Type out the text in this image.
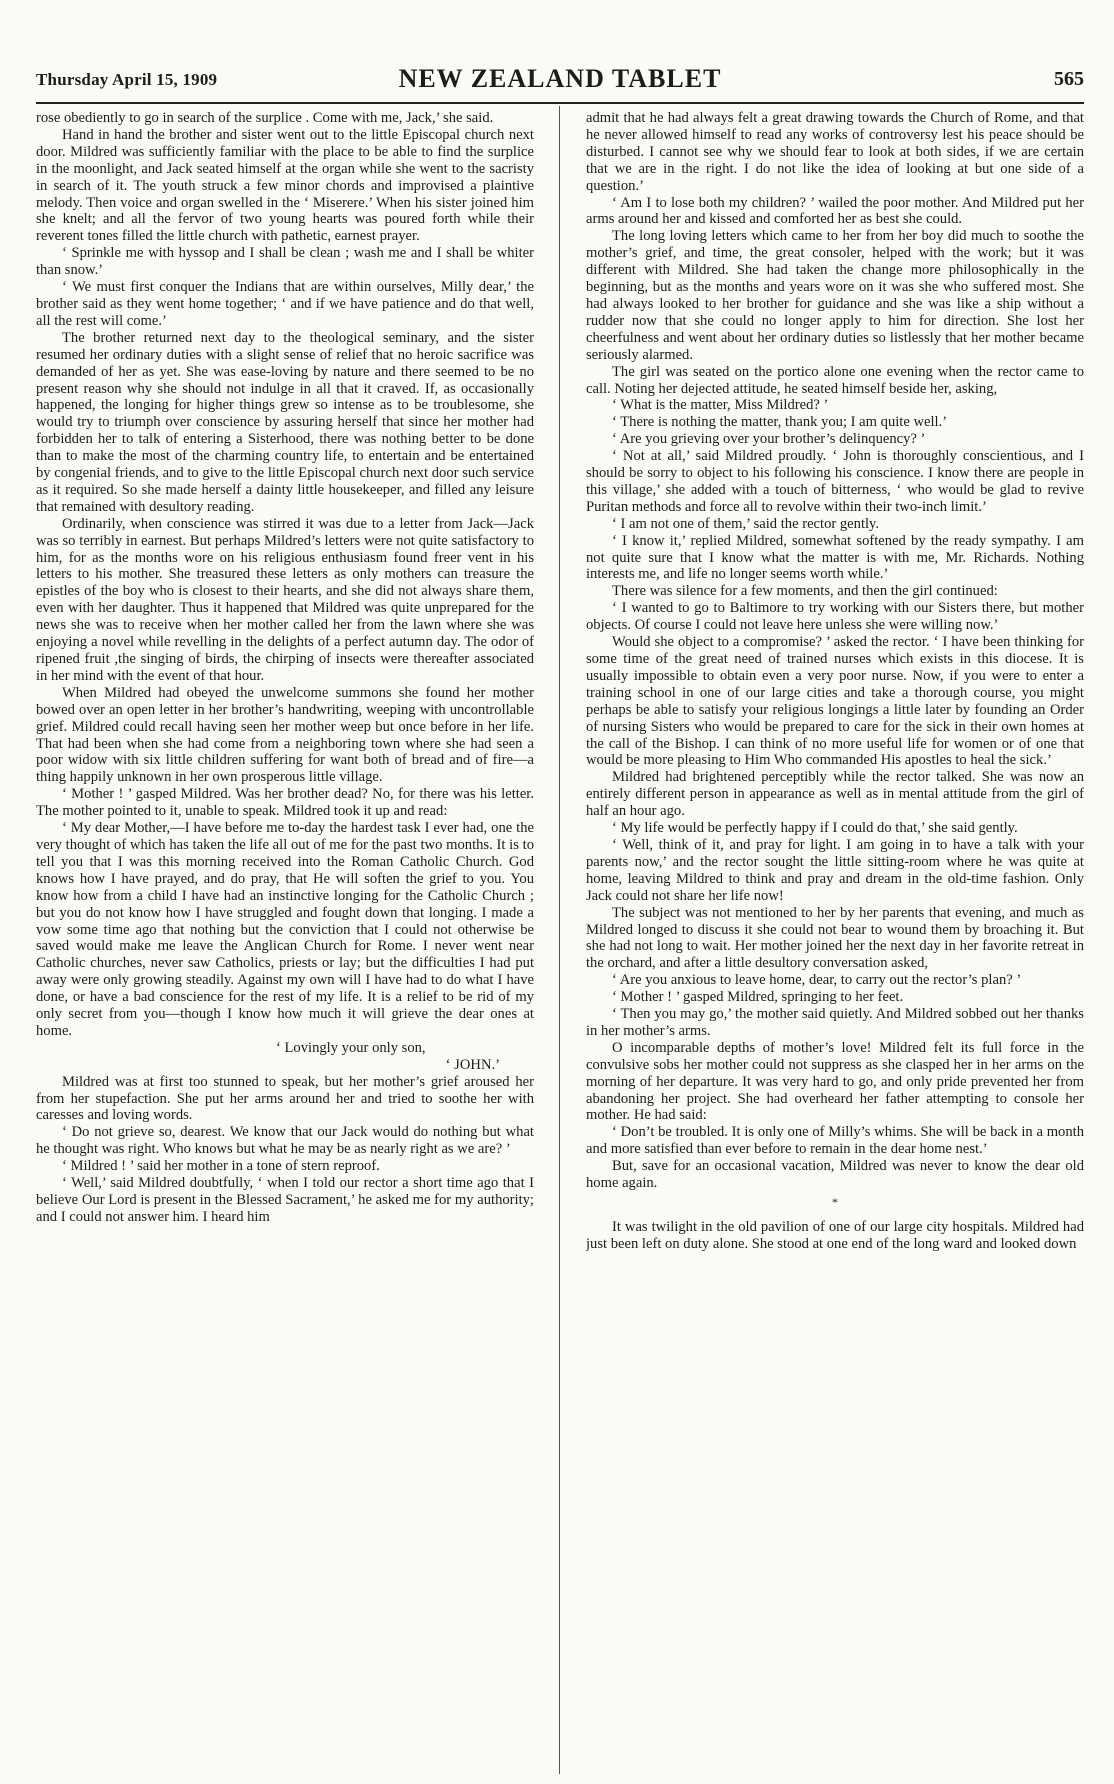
Thursday April 15, 1909	NEW ZEALAND TABLET	565

rose obediently to go in search of the surplice . Come with me, Jack,’ she said.

Hand in hand the brother and sister went out to the little Episcopal church next door. Mildred was sufficiently familiar with the place to be able to find the surplice in the moonlight, and Jack seated himself at the organ while she went to the sacristy in search of it. The youth struck a few minor chords and improvised a plaintive melody. Then voice and organ swelled in the ‘ Miserere.’ When his sister joined him she knelt; and all the fervor of two young hearts was poured forth while their reverent tones filled the little church with pathetic, earnest prayer.

‘ Sprinkle me with hyssop and I shall be clean ; wash me and I shall be whiter than snow.’

‘ We must first conquer the Indians that are within ourselves, Milly dear,’ the brother said as they went home together; ‘ and if we have patience and do that well, all the rest will come.’

The brother returned next day to the theological seminary, and the sister resumed her ordinary duties with a slight sense of relief that no heroic sacrifice was demanded of her as yet. She was ease-loving by nature and there seemed to be no present reason why she should not indulge in all that it craved. If, as occasionally happened, the longing for higher things grew so intense as to be troublesome, she would try to triumph over conscience by assuring herself that since her mother had forbidden her to talk of entering a Sisterhood, there was nothing better to be done than to make the most of the charming country life, to entertain and be entertained by congenial friends, and to give to the little Episcopal church next door such service as it required. So she made herself a dainty little housekeeper, and filled any leisure that remained with desultory reading.

Ordinarily, when conscience was stirred it was due to a letter from Jack—Jack was so terribly in earnest. But perhaps Mildred’s letters were not quite satisfactory to him, for as the months wore on his religious enthusiasm found freer vent in his letters to his mother. She treasured these letters as only mothers can treasure the epistles of the boy who is closest to their hearts, and she did not always share them, even with her daughter. Thus it happened that Mildred was quite unprepared for the news she was to receive when her mother called her from the lawn where she was enjoying a novel while revelling in the delights of a perfect autumn day. The odor of ripened fruit ,the singing of birds, the chirping of insects were thereafter associated in her mind with the event of that hour.

When Mildred had obeyed the unwelcome summons she found her mother bowed over an open letter in her brother’s handwriting, weeping with uncontrollable grief. Mildred could recall having seen her mother weep but once before in her life. That had been when she had come from a neighboring town where she had seen a poor widow with six little children suffering for want both of bread and of fire—a thing happily unknown in her own prosperous little village.

‘ Mother ! ’ gasped Mildred. Was her brother dead? No, for there was his letter. The mother pointed to it, unable to speak. Mildred took it up and read:

‘ My dear Mother,—I have before me to-day the hardest task I ever had, one the very thought of which has taken the life all out of me for the past two months. It is to tell you that I was this morning received into the Roman Catholic Church. God knows how I have prayed, and do pray, that He will soften the grief to you. You know how from a child I have had an instinctive longing for the Catholic Church ; but you do not know how I have struggled and fought down that longing. I made a vow some time ago that nothing but the conviction that I could not otherwise be saved would make me leave the Anglican Church for Rome. I never went near Catholic churches, never saw Catholics, priests or lay; but the difficulties I had put away were only growing steadily. Against my own will I have had to do what I have done, or have a bad conscience for the rest of my life. It is a relief to be rid of my only secret from you—though I know how much it will grieve the dear ones at home.

‘ Lovingly your only son,

‘ JOHN.’

Mildred was at first too stunned to speak, but her mother’s grief aroused her from her stupefaction. She put her arms around her and tried to soothe her with caresses and loving words.

‘ Do not grieve so, dearest. We know that our Jack would do nothing but what he thought was right. Who knows but what he may be as nearly right as we are? ’

‘ Mildred ! ’ said her mother in a tone of stern reproof.

‘ Well,’ said Mildred doubtfully, ‘ when I told our rector a short time ago that I believe Our Lord is present in the Blessed Sacrament,’ he asked me for my authority; and I could not answer him. I heard him

admit that he had always felt a great drawing towards the Church of Rome, and that he never allowed himself to read any works of controversy lest his peace should be disturbed. I cannot see why we should fear to look at both sides, if we are certain that we are in the right. I do not like the idea of looking at but one side of a question.’

‘ Am I to lose both my children? ’ wailed the poor mother. And Mildred put her arms around her and kissed and comforted her as best she could.

The long loving letters which came to her from her boy did much to soothe the mother’s grief, and time, the great consoler, helped with the work; but it was different with Mildred. She had taken the change more philosophically in the beginning, but as the months and years wore on it was she who suffered most. She had always looked to her brother for guidance and she was like a ship without a rudder now that she could no longer apply to him for direction. She lost her cheerfulness and went about her ordinary duties so listlessly that her mother became seriously alarmed.

The girl was seated on the portico alone one evening when the rector came to call. Noting her dejected attitude, he seated himself beside her, asking,

‘ What is the matter, Miss Mildred? ’

‘ There is nothing the matter, thank you; I am quite well.’

‘ Are you grieving over your brother’s delinquency? ’

‘ Not at all,’ said Mildred proudly. ‘ John is thoroughly conscientious, and I should be sorry to object to his following his conscience. I know there are people in this village,’ she added with a touch of bitterness, ‘ who would be glad to revive Puritan methods and force all to revolve within their two-inch limit.’

‘ I am not one of them,’ said the rector gently.

‘ I know it,’ replied Mildred, somewhat softened by the ready sympathy. I am not quite sure that I know what the matter is with me, Mr. Richards. Nothing interests me, and life no longer seems worth while.’

There was silence for a few moments, and then the girl continued:

‘ I wanted to go to Baltimore to try working with our Sisters there, but mother objects. Of course I could not leave here unless she were willing now.’

Would she object to a compromise? ’ asked the rector. ‘ I have been thinking for some time of the great need of trained nurses which exists in this diocese. It is usually impossible to obtain even a very poor nurse. Now, if you were to enter a training school in one of our large cities and take a thorough course, you might perhaps be able to satisfy your religious longings a little later by founding an Order of nursing Sisters who would be prepared to care for the sick in their own homes at the call of the Bishop. I can think of no more useful life for women or of one that would be more pleasing to Him Who commanded His apostles to heal the sick.’

Mildred had brightened perceptibly while the rector talked. She was now an entirely different person in appearance as well as in mental attitude from the girl of half an hour ago.

‘ My life would be perfectly happy if I could do that,’ she said gently.

‘ Well, think of it, and pray for light. I am going in to have a talk with your parents now,’ and the rector sought the little sitting-room where he was quite at home, leaving Mildred to think and pray and dream in the old-time fashion. Only Jack could not share her life now!

The subject was not mentioned to her by her parents that evening, and much as Mildred longed to discuss it she could not bear to wound them by broaching it. But she had not long to wait. Her mother joined her the next day in her favorite retreat in the orchard, and after a little desultory conversation asked,

‘ Are you anxious to leave home, dear, to carry out the rector’s plan? ’

‘ Mother ! ’ gasped Mildred, springing to her feet.

‘ Then you may go,’ the mother said quietly. And Mildred sobbed out her thanks in her mother’s arms.

O incomparable depths of mother’s love! Mildred felt its full force in the convulsive sobs her mother could not suppress as she clasped her in her arms on the morning of her departure. It was very hard to go, and only pride prevented her from abandoning her project. She had overheard her father attempting to console her mother. He had said:

‘ Don’t be troubled. It is only one of Milly’s whims. She will be back in a month and more satisfied than ever before to remain in the dear home nest.’

But, save for an occasional vacation, Mildred was never to know the dear old home again.

*

It was twilight in the old pavilion of one of our large city hospitals. Mildred had just been left on duty alone. She stood at one end of the long ward and looked down
